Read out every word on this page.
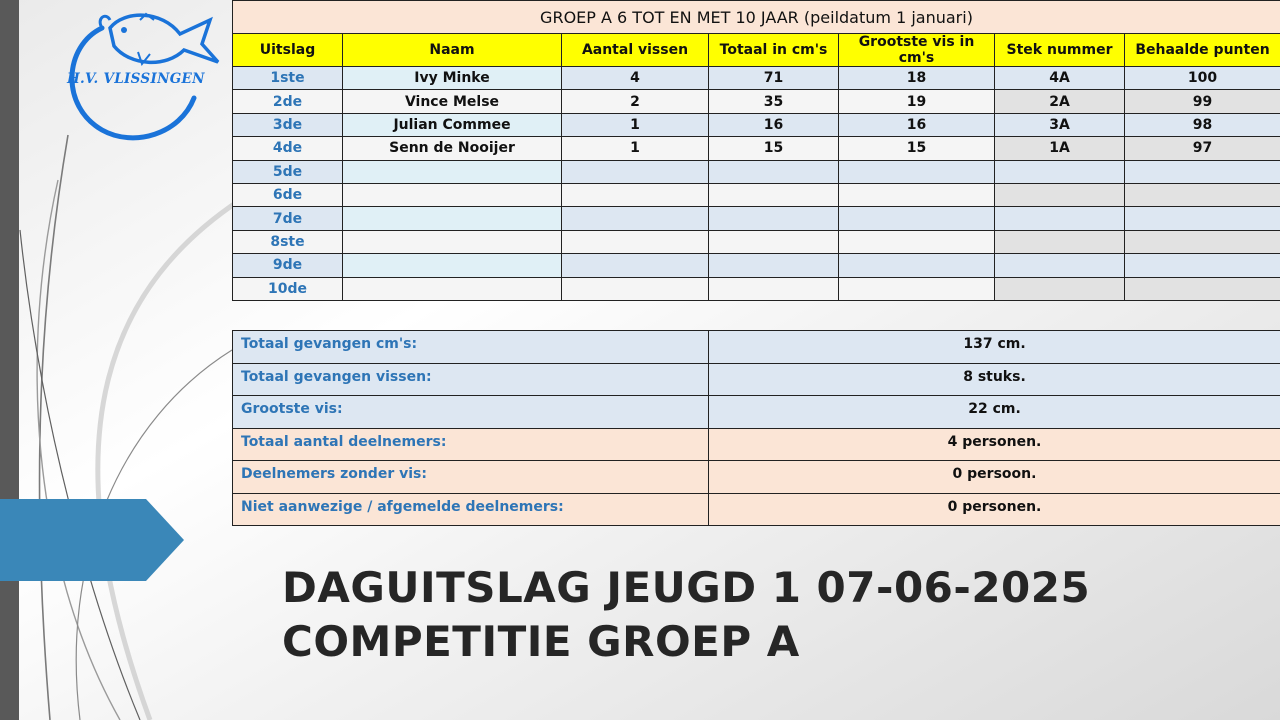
H.V. VLISSINGEN
GROEP A 6 TOT EN MET 10 JAAR (peildatum 1 januari)						
Uitslag	Naam	Aantal vissen	Totaal in cm's	Grootste vis in cm's	Stek nummer	Behaalde punten
1ste	Ivy Minke	4	71	18	4A	100
2de	Vince Melse	2	35	19	2A	99
3de	Julian Commee	1	16	16	3A	98
4de	Senn de Nooijer	1	15	15	1A	97
5de						
6de						
7de						
8ste						
9de						
10de						
Totaal gevangen cm's:	137 cm.
Totaal gevangen vissen:	8 stuks.
Grootste vis:	22 cm.
Totaal aantal deelnemers:	4 personen.
Deelnemers zonder vis:	0 persoon.
Niet aanwezige / afgemelde deelnemers:	0 personen.
DAGUITSLAG JEUGD 1 07-06-2025
COMPETITIE GROEP A
